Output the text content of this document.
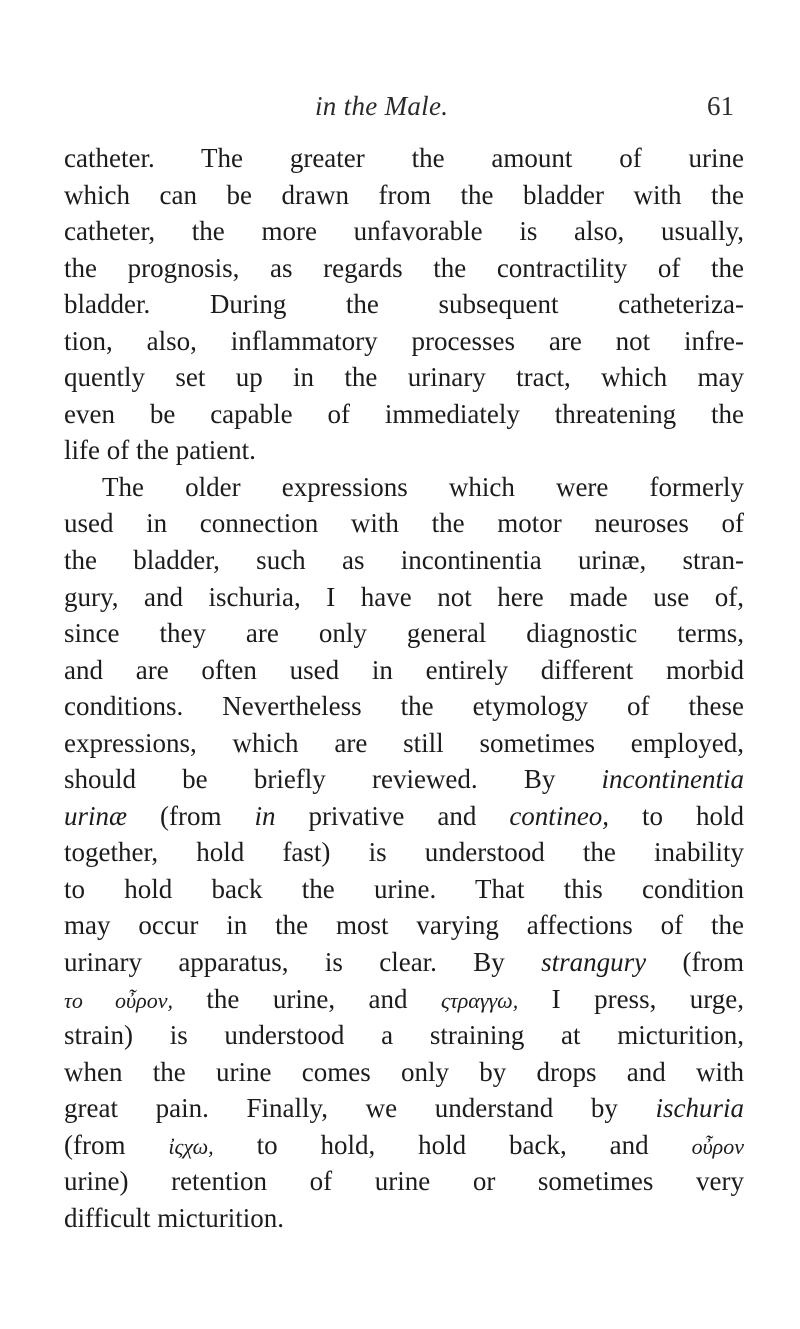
in the Male.	61
catheter. The greater the amount of urine
which can be drawn from the bladder with the
catheter, the more unfavorable is also, usually,
the prognosis, as regards the contractility of the
bladder. During the subsequent catheteriza-
tion, also, inflammatory processes are not infre-
quently set up in the urinary tract, which may
even be capable of immediately threatening the
life of the patient.
The older expressions which were formerly
used in connection with the motor neuroses of
the bladder, such as incontinentia urinæ, stran-
gury, and ischuria, I have not here made use of,
since they are only general diagnostic terms,
and are often used in entirely different morbid
conditions. Nevertheless the etymology of these
expressions, which are still sometimes employed,
should be briefly reviewed. By incontinentia
urinæ (from in privative and contineo, to hold
together, hold fast) is understood the inability
to hold back the urine. That this condition
may occur in the most varying affections of the
urinary apparatus, is clear. By strangury (from
το οὖρον, the urine, and ςτραγγω, I press, urge,
strain) is understood a straining at micturition,
when the urine comes only by drops and with
great pain. Finally, we understand by ischuria
(from ἰςχω, to hold, hold back, and οὖρον
urine) retention of urine or sometimes very
difficult micturition.
